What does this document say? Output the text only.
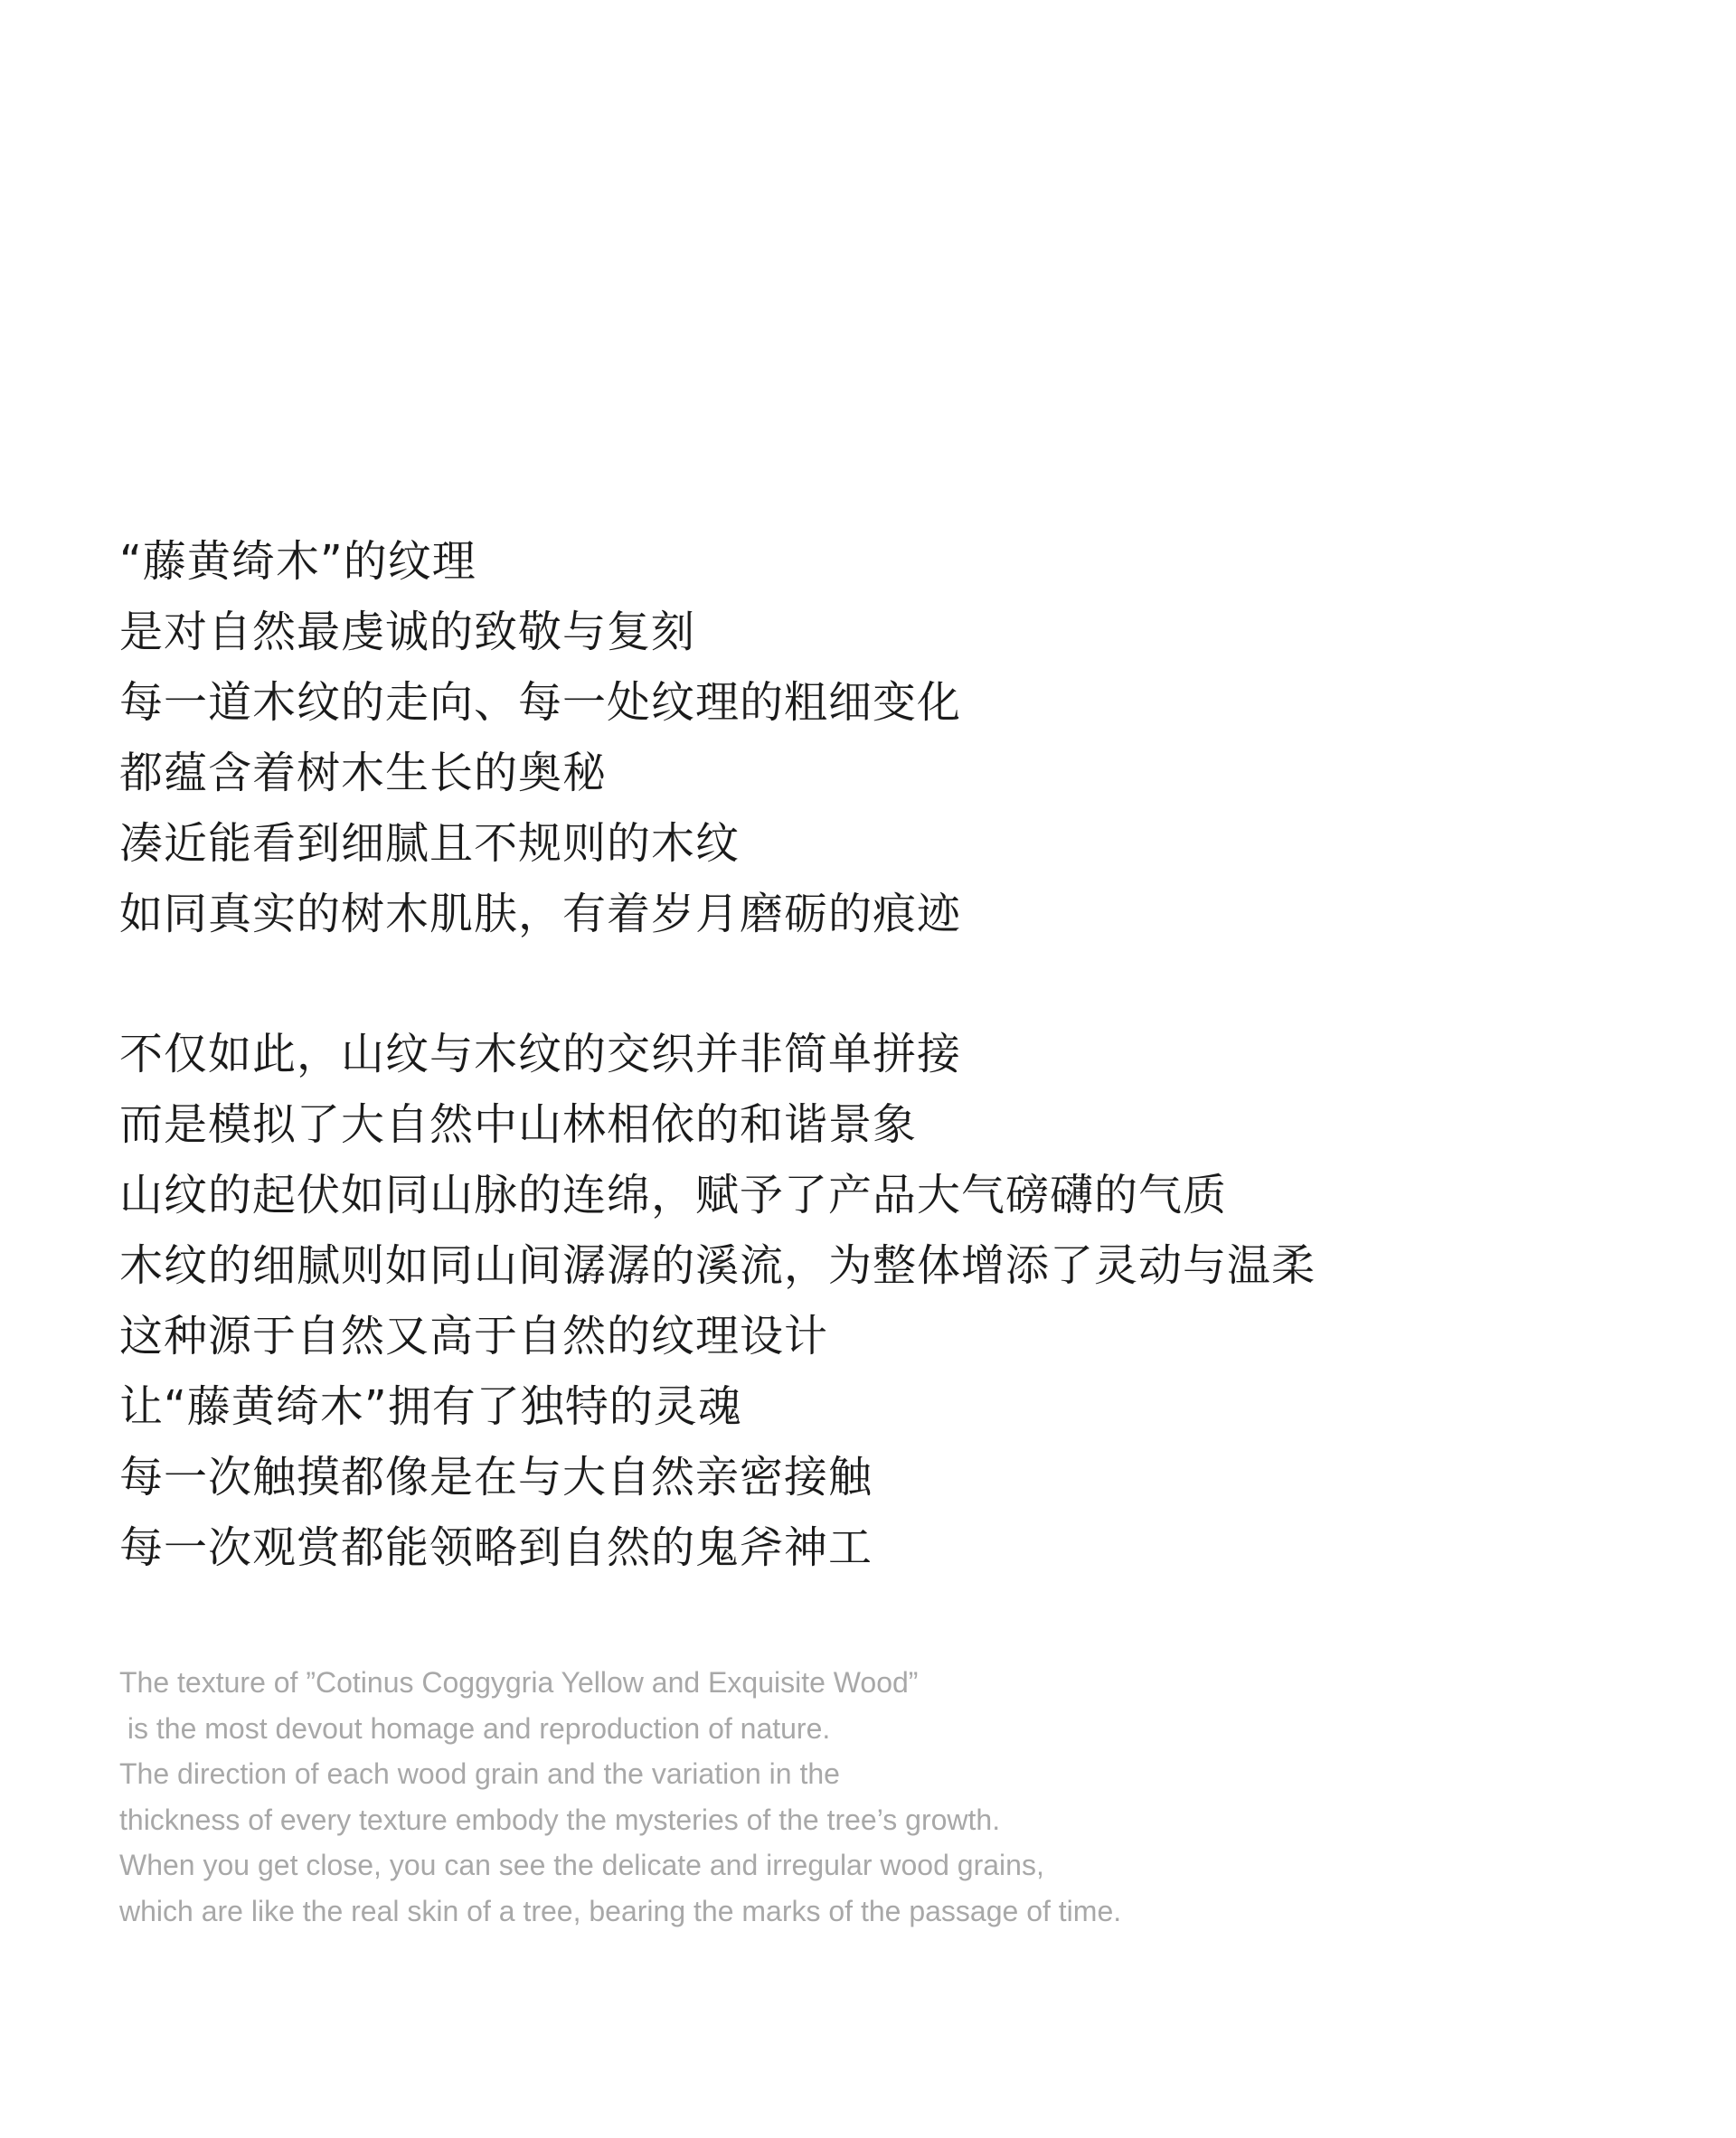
“藤黄绮木”的纹理
是对自然最虔诚的致敬与复刻
每一道木纹的走向、每一处纹理的粗细变化
都蕴含着树木生长的奥秘
凑近能看到细腻且不规则的木纹
如同真实的树木肌肤，有着岁月磨砺的痕迹
不仅如此，山纹与木纹的交织并非简单拼接
而是模拟了大自然中山林相依的和谐景象
山纹的起伏如同山脉的连绵，赋予了产品大气磅礴的气质
木纹的细腻则如同山间潺潺的溪流，为整体增添了灵动与温柔
这种源于自然又高于自然的纹理设计
让“藤黄绮木”拥有了独特的灵魂
每一次触摸都像是在与大自然亲密接触
每一次观赏都能领略到自然的鬼斧神工
The texture of ”Cotinus Coggygria Yellow and Exquisite Wood”
is the most devout homage and reproduction of nature.
The direction of each wood grain and the variation in the
thickness of every texture embody the mysteries of the tree’s growth.
When you get close, you can see the delicate and irregular wood grains,
which are like the real skin of a tree, bearing the marks of the passage of time.
